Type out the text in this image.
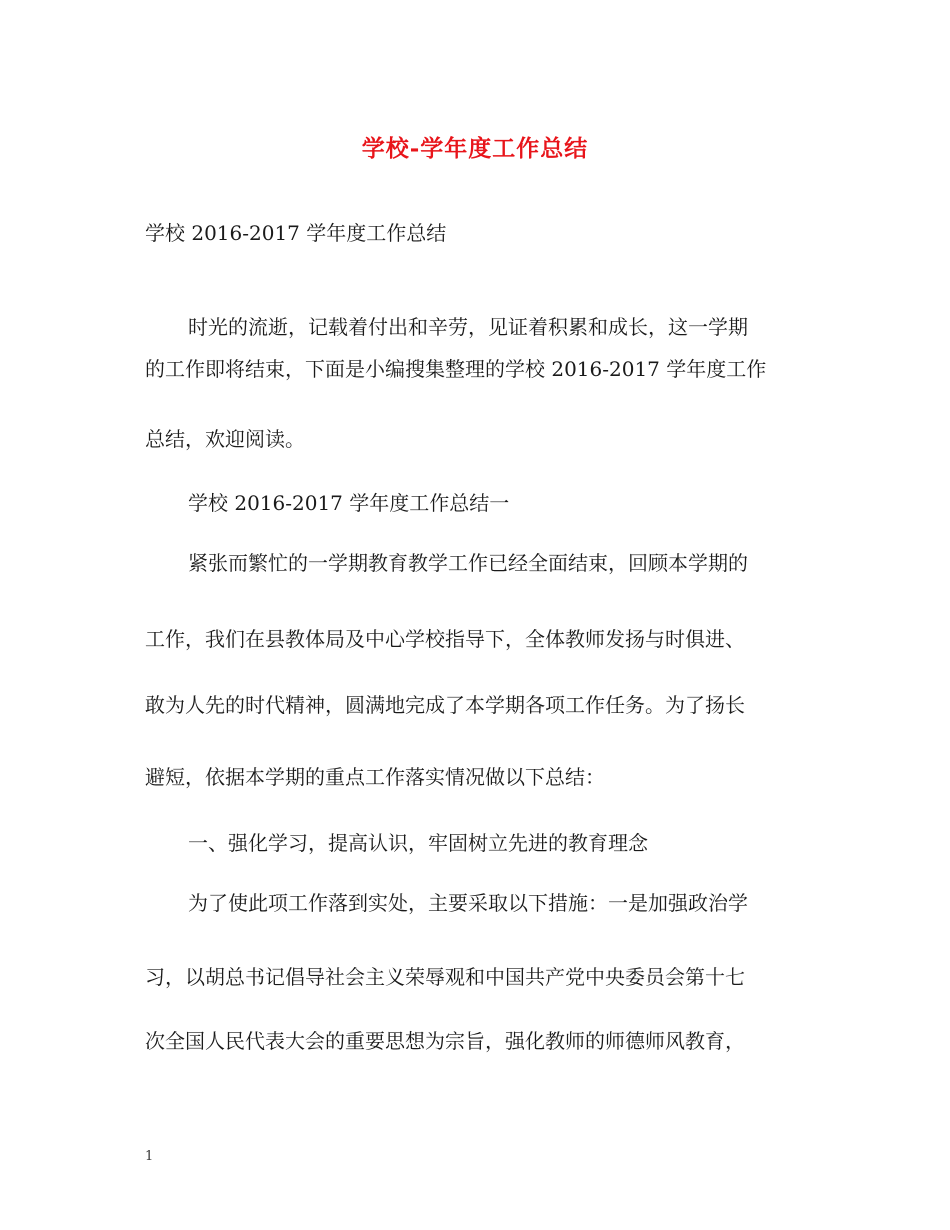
学校-学年度工作总结
学校 2016-2017 学年度工作总结
时光的流逝，记载着付出和辛劳，见证着积累和成长，这一学期
的工作即将结束，下面是小编搜集整理的学校 2016-2017 学年度工作
总结，欢迎阅读。
学校 2016-2017 学年度工作总结一
紧张而繁忙的一学期教育教学工作已经全面结束，回顾本学期的
工作，我们在县教体局及中心学校指导下，全体教师发扬与时俱进、
敢为人先的时代精神，圆满地完成了本学期各项工作任务。为了扬长
避短，依据本学期的重点工作落实情况做以下总结：
一、强化学习，提高认识，牢固树立先进的教育理念
为了使此项工作落到实处，主要采取以下措施：一是加强政治学
习，以胡总书记倡导社会主义荣辱观和中国共产党中央委员会第十七
次全国人民代表大会的重要思想为宗旨，强化教师的师德师风教育，
1
